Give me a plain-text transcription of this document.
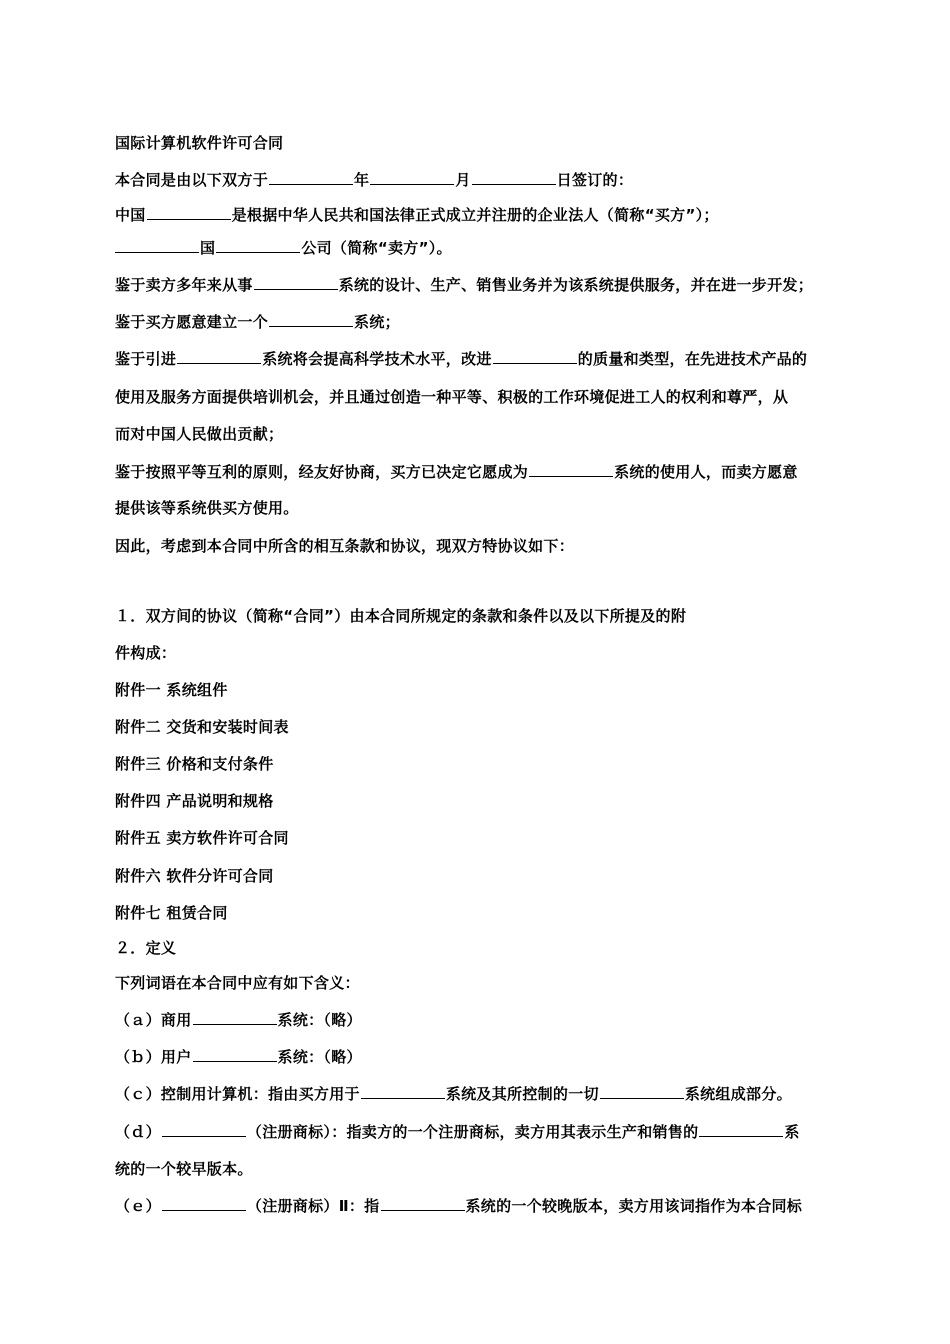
国际计算机软件许可合同
本合同是由以下双方于	年	月	日签订的：
中国	是根据中华人民共和国法律正式成立并注册的企业法人（简称“买方”）；
国	公司（简称“卖方”）。
鉴于卖方多年来从事	系统的设计、生产、销售业务并为该系统提供服务，并在进一步开发；
鉴于买方愿意建立一个	系统；
鉴于引进	系统将会提高科学技术水平，改进	的质量和类型，在先进技术产品的
使用及服务方面提供培训机会，并且通过创造一种平等、积极的工作环境促进工人的权利和尊严，从
而对中国人民做出贡献；
鉴于按照平等互利的原则，经友好协商，买方已决定它愿成为	系统的使用人，而卖方愿意
提供该等系统供买方使用。
因此，考虑到本合同中所含的相互条款和协议，现双方特协议如下：
１．双方间的协议（简称“合同”）由本合同所规定的条款和条件以及以下所提及的附
件构成：
附件一 系统组件
附件二 交货和安装时间表
附件三 价格和支付条件
附件四 产品说明和规格
附件五 卖方软件许可合同
附件六 软件分许可合同
附件七 租赁合同
２．定义
下列词语在本合同中应有如下含义：
（ａ）商用	系统：（略）
（ｂ）用户	系统：（略）
（ｃ）控制用计算机：指由买方用于	系统及其所控制的一切	系统组成部分。
（ｄ）	（注册商标）：指卖方的一个注册商标，卖方用其表示生产和销售的	系
统的一个较早版本。
（ｅ）	（注册商标）Ⅱ：指	系统的一个较晚版本，卖方用该词指作为本合同标
